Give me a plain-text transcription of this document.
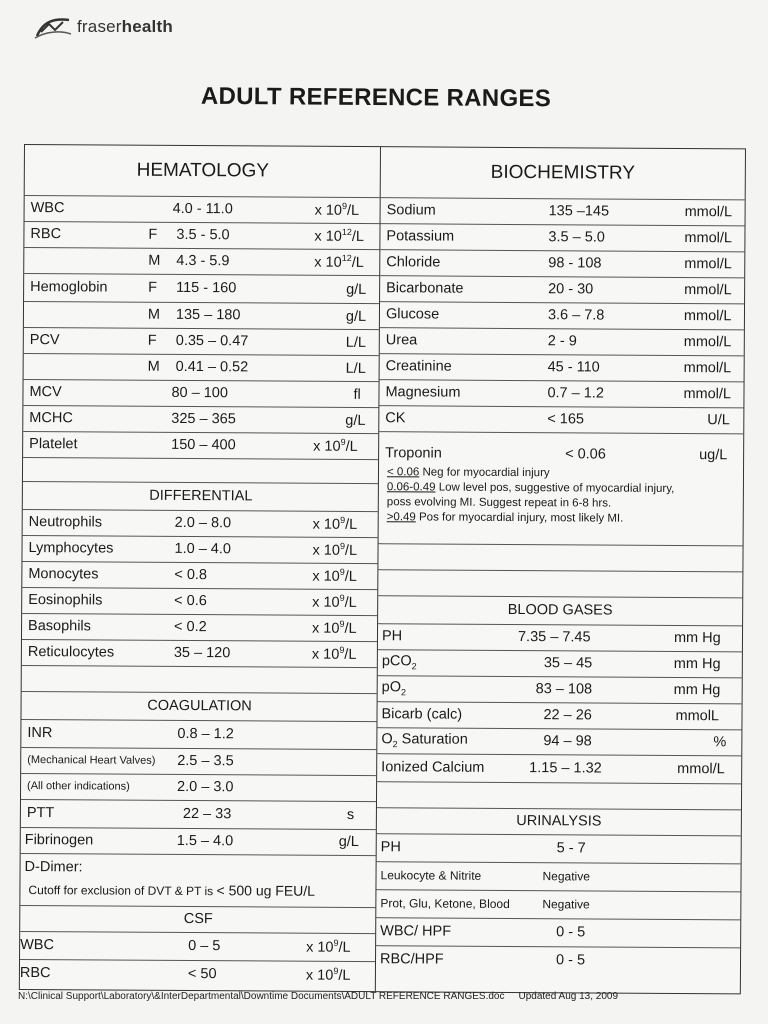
fraserhealth
ADULT REFERENCE RANGES
HEMATOLOGY
WBC	4.0 - 11.0	x $10^9/L$
RBC	F 3.5 - 5.0	x $10^{12}/L$
M 4.3 - 5.9	x $10^{12}/L$
Hemoglobin	F 115 - 160	g/L
M 135 – 180	g/L
PCV	F 0.35 – 0.47	L/L
M 0.41 – 0.52	L/L
MCV	80 – 100	fl
MCHC	325 – 365	g/L
Platelet	150 – 400	x $10^9/L$
DIFFERENTIAL
Neutrophils	2.0 – 8.0	x $10^9/L$
Lymphocytes	1.0 – 4.0	x $10^9/L$
Monocytes	< 0.8	x $10^9/L$
Eosinophils	< 0.6	x $10^9/L$
Basophils	< 0.2	x $10^9/L$
Reticulocytes	35 – 120	x $10^9/L$
COAGULATION
INR	0.8 – 1.2
(Mechanical Heart Valves) 2.5 – 3.5
(All other indications)	2.0 – 3.0
PTT	22 – 33	s
Fibrinogen	1.5 – 4.0	g/L
D-Dimer:
Cutoff for exclusion of DVT & PT is < 500 ug FEU/L
CSF
WBC	0 – 5	x $10^9/L$
RBC	< 50	x $10^9/L$
BIOCHEMISTRY
Sodium	135 –145	mmol/L
Potassium	3.5 – 5.0	mmol/L
Chloride	98 - 108	mmol/L
Bicarbonate	20 - 30	mmol/L
Glucose	3.6 – 7.8	mmol/L
Urea	2 - 9	mmol/L
Creatinine	45 - 110	mmol/L
Magnesium	0.7 – 1.2	mmol/L
CK	< 165	U/L
Troponin	< 0.06	ug/L
< 0.06 Neg for myocardial injury
0.06-0.49 Low level pos, suggestive of myocardial injury,
poss evolving MI. Suggest repeat in 6-8 hrs.
>0.49 Pos for myocardial injury, most likely MI.
BLOOD GASES
PH	7.35 – 7.45	mm Hg
pCO$_2$	35 – 45	mm Hg
$pO_2$	83 – 108	mm Hg
Bicarb (calc)	22 – 26	mmolL
$O_2$ Saturation	94 – 98	%
Ionized Calcium	1.15 – 1.32	mmol/L
URINALYSIS
PH	5 - 7
Leukocyte & Nitrite	Negative
Prot, Glu, Ketone, Blood	Negative
WBC/ HPF	0 - 5
RBC/HPF	0 - 5
N:\Clinical Support\Laboratory\&InterDepartmental\Downtime Documents\ADULT REFERENCE RANGES.doc Updated Aug 13, 2009
